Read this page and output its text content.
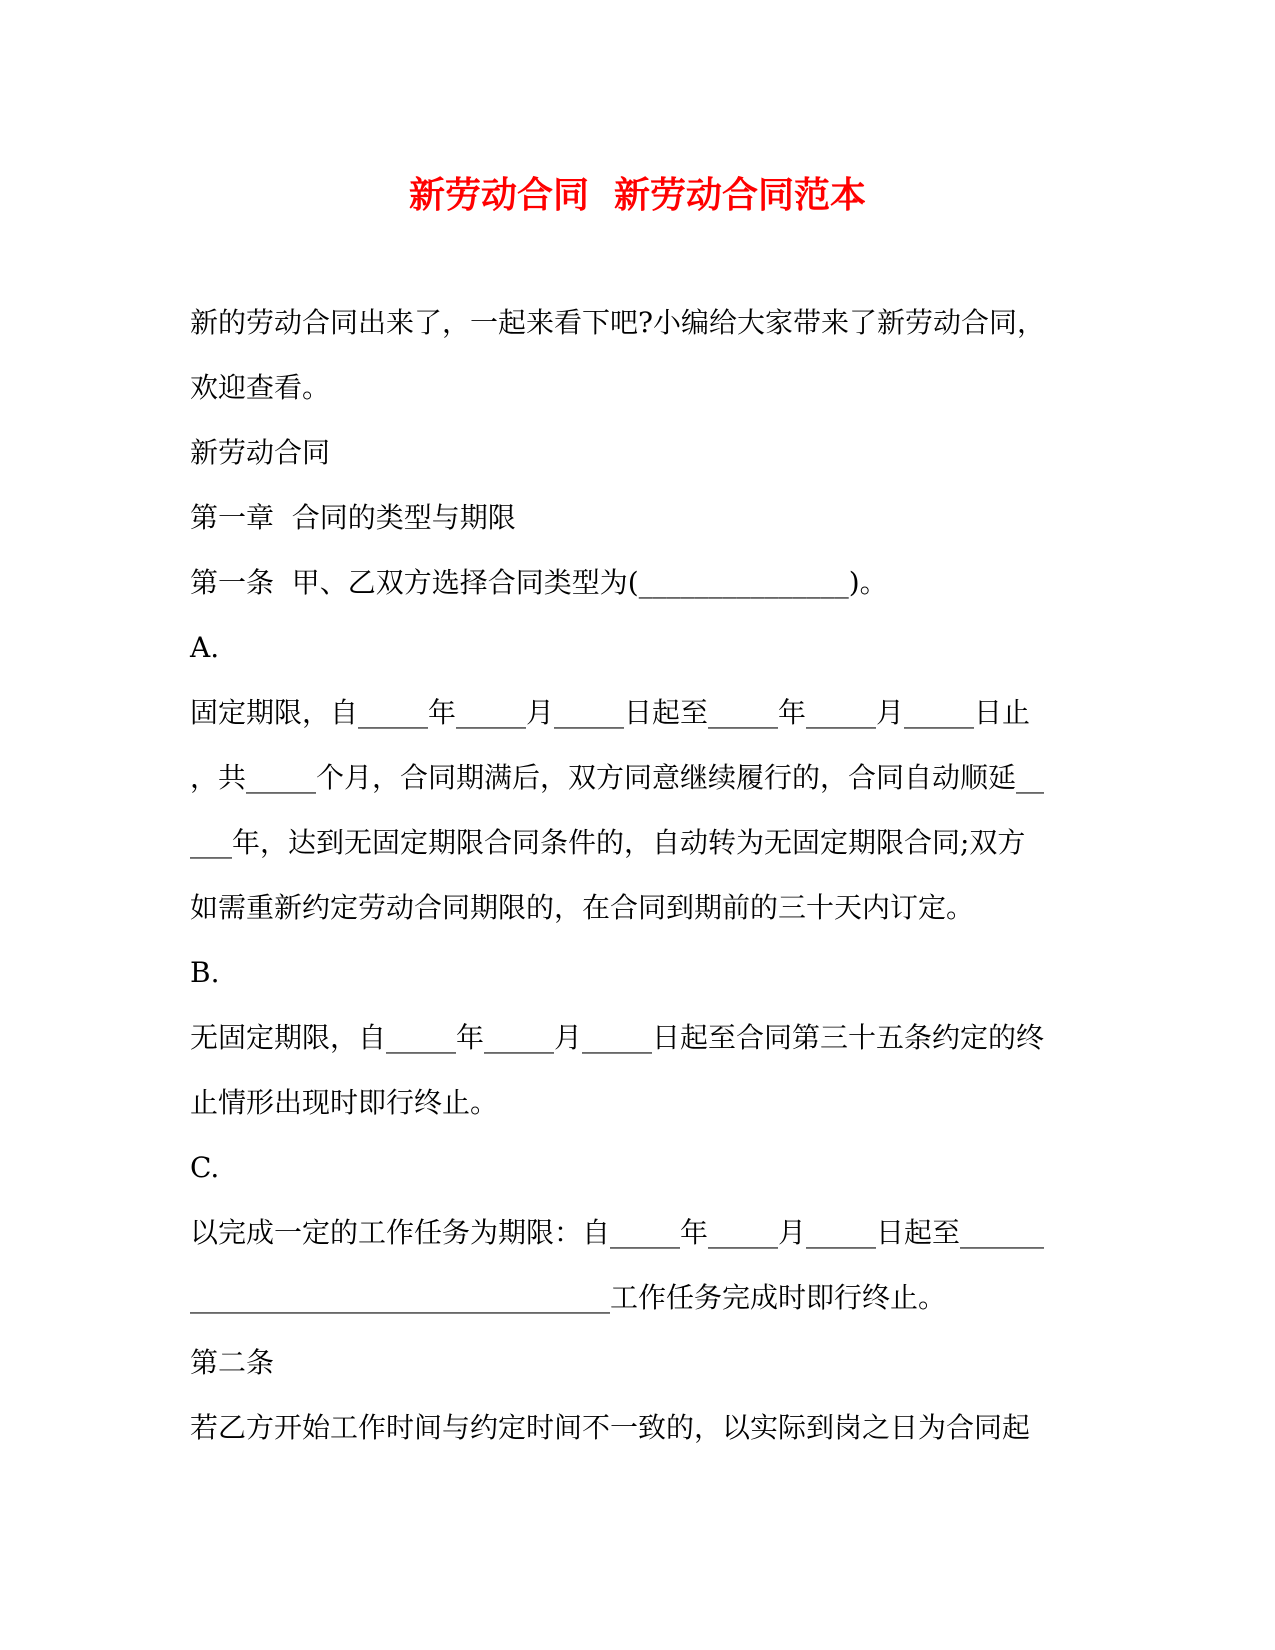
新劳动合同  新劳动合同范本
新的劳动合同出来了，一起来看下吧?小编给大家带来了新劳动合同，
欢迎查看。
新劳动合同
第一章  合同的类型与期限
第一条  甲、乙双方选择合同类型为(_______________)。
A.
固定期限，自_____年_____月_____日起至_____年_____月_____日止
，共_____个月，合同期满后，双方同意继续履行的，合同自动顺延__
___年，达到无固定期限合同条件的，自动转为无固定期限合同;双方
如需重新约定劳动合同期限的，在合同到期前的三十天内订定。
B.
无固定期限，自_____年_____月_____日起至合同第三十五条约定的终
止情形出现时即行终止。
C.
以完成一定的工作任务为期限：自_____年_____月_____日起至______
______________________________工作任务完成时即行终止。
第二条
若乙方开始工作时间与约定时间不一致的，以实际到岗之日为合同起
